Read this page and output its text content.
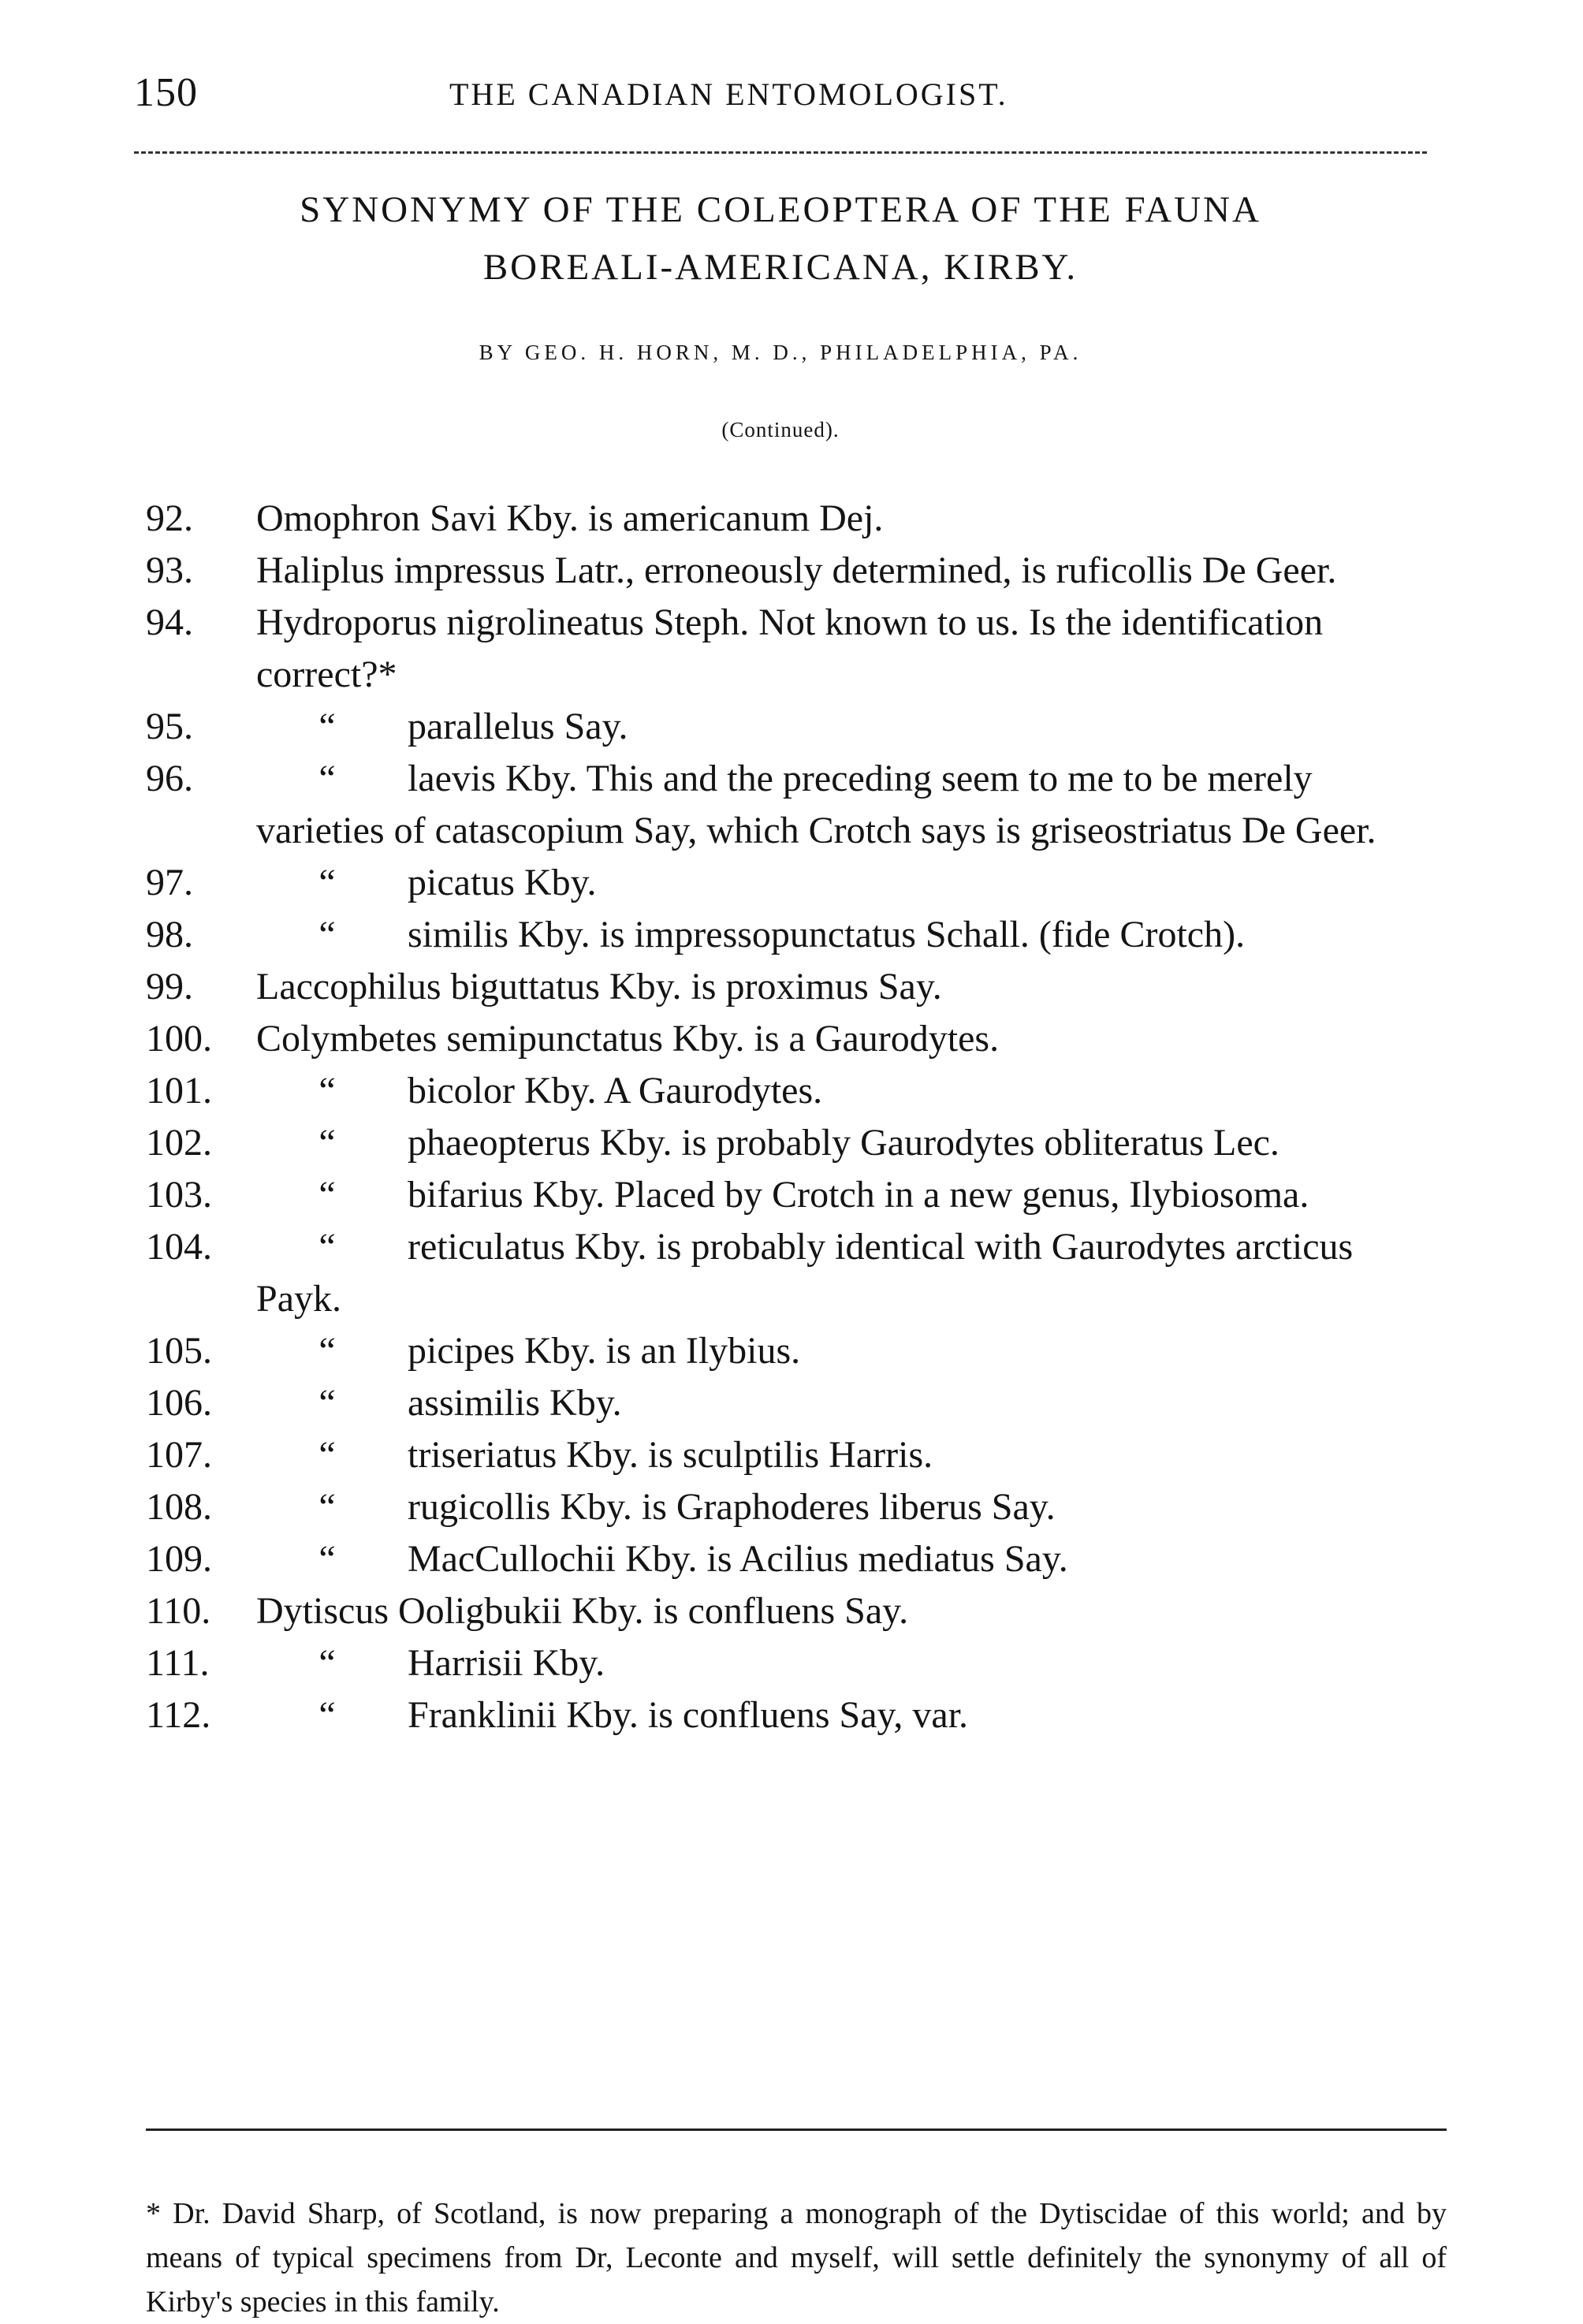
150	THE CANADIAN ENTOMOLOGIST.
SYNONYMY OF THE COLEOPTERA OF THE FAUNA
BOREALI-AMERICANA, KIRBY.
BY GEO. H. HORN, M. D., PHILADELPHIA, PA.
(Continued).
92.	Omophron Savi Kby. is americanum Dej.
93.	Haliplus impressus Latr., erroneously determined, is ruficollis De Geer.
94.	Hydroporus nigrolineatus Steph. Not known to us. Is the identification correct?*
95.	“ parallelus Say.
96.	“ laevis Kby. This and the preceding seem to me to be merely varieties of catascopium Say, which Crotch says is griseostriatus De Geer.
97.	“ picatus Kby.
98.	“ similis Kby. is impressopunctatus Schall. (fide Crotch).
99.	Laccophilus biguttatus Kby. is proximus Say.
100.	Colymbetes semipunctatus Kby. is a Gaurodytes.
101.	“ bicolor Kby. A Gaurodytes.
102.	“ phaeopterus Kby. is probably Gaurodytes obliteratus Lec.
103.	“ bifarius Kby. Placed by Crotch in a new genus, Ilybiosoma.
104.	“ reticulatus Kby. is probably identical with Gaurodytes arcticus Payk.
105.	“ picipes Kby. is an Ilybius.
106.	“ assimilis Kby.
107.	“ triseriatus Kby. is sculptilis Harris.
108.	“ rugicollis Kby. is Graphoderes liberus Say.
109.	“ MacCullochii Kby. is Acilius mediatus Say.
110.	Dytiscus Ooligbukii Kby. is confluens Say.
111.	“ Harrisii Kby.
112.	“ Franklinii Kby. is confluens Say, var.
* Dr. David Sharp, of Scotland, is now preparing a monograph of the Dytiscidae of this world; and by means of typical specimens from Dr, Leconte and myself, will settle definitely the synonymy of all of Kirby's species in this family.
